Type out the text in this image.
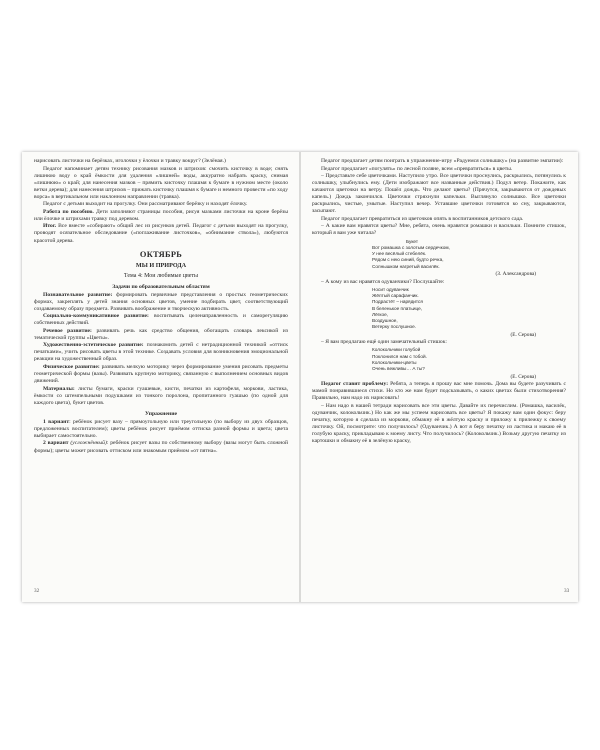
нарисовать листочки на берёзках, иголочки у ёлочки и травку вокруг? (Зелёная.)

Педагог напоминает детям технику рисования мазков и штрихов: смочить кисточку в воде; снять лишнюю воду о край ёмкости для удаления «лишней» воды, аккуратно набрать краску, снимая «лишнюю» о край; для нанесения мазков – прямить кисточку плашмя к бумаге в нужном месте (около ветки дерева); для нанесения штрихов – прижать кисточку плашмя к бумаге и немного провести «по ходу ворса» в вертикальном или наклонном направлении (травка).

Педагог с детьми выходит на прогулку. Они рассматривают берёзку и находят ёлочку.

Работа по пособию. Дети заполняют страницы пособия, рисуя мазками листочки на кроне берёзы или ёлочке и штрихами травку под деревом.

Итог. Все вместе «собирают» общий лес из рисунков детей. Педагог с детьми выходят на прогулку, проводят осязательное обследование («поглаживание листочков», «обнимание ствола»), любуются красотой дерева.

ОКТЯБРЬ
МЫ И ПРИРОДА
Тема 4: Мои любимые цветы
Задачи по образовательным областям

Познавательное развитие: формировать первичные представления о простых геометрических формах, закреплять у детей знания основных цветов, умение подбирать цвет, соответствующий создаваемому образу предмета. Развивать воображение и творческую активность.

Социально-коммуникативное развитие: воспитывать целенаправленность и саморегуляцию собственных действий.

Речевое развитие: развивать речь как средство общения, обогащать словарь лексикой из тематической группы «Цветы».

Художественно-эстетическое развитие: познакомить детей с нетрадиционной техникой «оттиск печатками», учить рисовать цветы в этой технике. Создавать условия для возникновения эмоциональной реакции на художественный образ.

Физическое развитие: развивать мелкую моторику через формирование умения рисовать предметы геометрической формы (вазы). Развивать крупную моторику, связанную с выполнением основных видов движений.

Материалы: листы бумаги, краски гуашевые, кисти, печатки из картофеля, моркови, ластика, ёмкости со штемпельными подушками из тонкого поролона, пропитанного гуашью (по одной для каждого цвета), букет цветов.

Упражнение

1 вариант: ребёнок рисует вазу – прямоугольную или треугольную (по выбору из двух образцов, предложенных воспитателем); цветы ребёнок рисует приёмом оттиска разной формы и цвета; цвета выбирает самостоятельно.

2 вариант (усложнённый): ребёнок рисует вазы по собственному выбору (вазы могут быть сложной формы); цветы может рисовать оттиском или знакомым приёмом «от пятна».

Педагог предлагает детям поиграть в упражнение-игру «Радуемся солнышку» (на развитие эмпатии):

Педагог предлагает «погулять» по лесной поляне, всем «превратиться» в цветы.

– Представьте себе цветочками. Наступило утро. Все цветочки проснулись, раскрылись, потянулись к солнышку, улыбнулись ему. (Дети изображают все названные действия.) Подул ветер. Покажите, как качаются цветочки на ветру. Пошёл дождь. Что делают цветы? (Прячутся, закрываются от дождевых капель.) Дождь закончился. Цветочки стряхнули капельки. Выглянуло солнышко. Все цветочки раскрылись, чистые, умытые. Наступил вечер. Уставшие цветочки готовятся ко сну, закрываются, засыпают.

Педагог предлагает превратиться из цветочков опять в воспитанников детского сада.

– А какие вам нравятся цветы? Мне, ребята, очень нравятся ромашки и васильки. Помните стишок, который я вам уже читала?

Букет
Вот ромашка с золотым сердечком,
У нее весёлый стебелёк.
Рядом с нею синий, будто речка,
Солнышком нагретый василёк.
(З. Александрова)

– А кому из вас нравятся одуванчики? Послушайте:

Носит одуванчик
Жёлтый сарафанчик.
Подрастёт – нарядится
В беленькое платьице,
Лёгкое,
Воздушное,
Ветерку послушное.
(Е. Серова)

– Я вам предлагаю ещё один замечательный стишок:

Колокольчики голубой
Поклонился нам с тобой.
Колокольчики-цветы
Очень вежливы… А ты?
(Е. Серова)

Педагог ставит проблему: Ребята, а теперь я прошу вас мне помочь. Дома вы будете разучивать с мамой понравившиеся стихи. Но кто же нам будет подсказывать, о каких цветах были стихотворения? Правильно, нам надо их нарисовать!

– Нам надо в нашей тетради нарисовать все эти цветы. Давайте их перечислим. (Ромашка, василёк, одуванчик, колокольчик.) Но как же мы успеем нарисовать все цветы? Я покажу вам один фокус: беру печатку, которую я сделала из моркови, обмакну её в жёлтую краску и приложу к прилежку к своему листочку. Ой, посмотрите: что получилось? (Одуванчик.) А вот я беру печатку из ластика и макаю её в голубую краску, прикладываю к моему листу. Что получилось? (Колокольчик.) Возьму другую печатку из картошки и обмакну её в зелёную краску,

32	33
